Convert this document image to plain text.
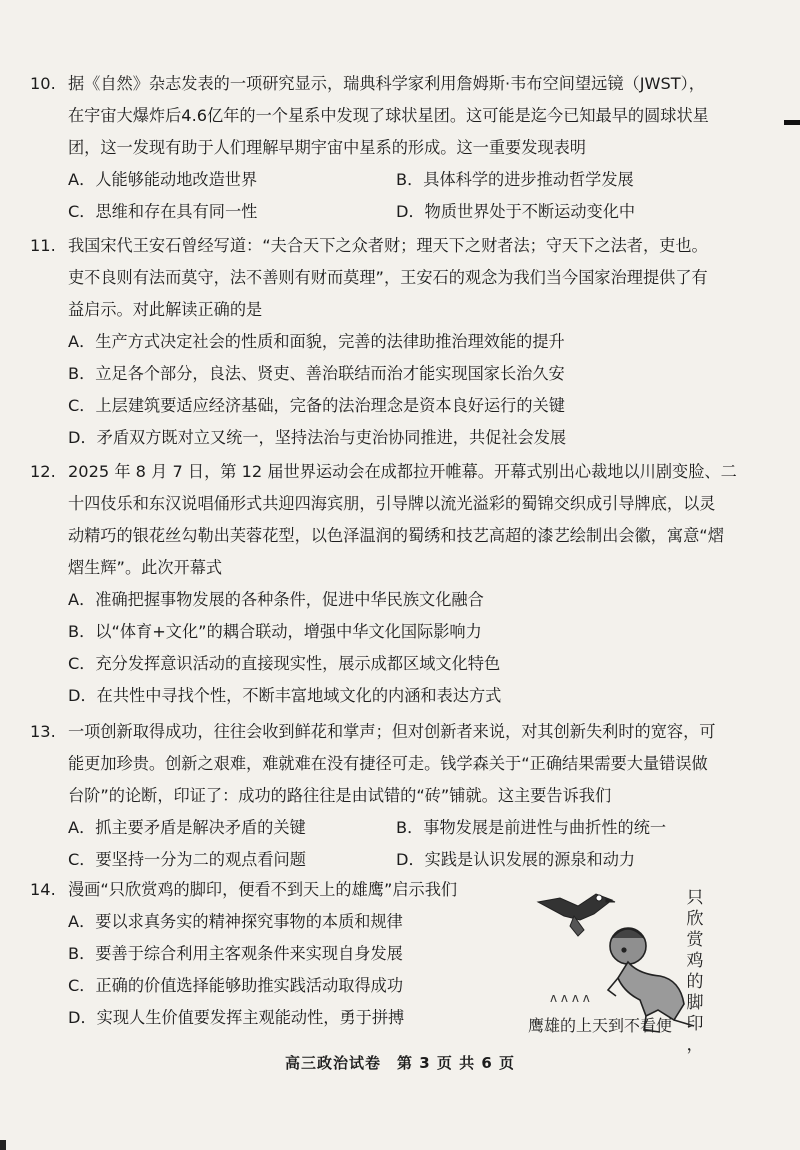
10. 据《自然》杂志发表的一项研究显示，瑞典科学家利用詹姆斯·韦布空间望远镜（JWST），
在宇宙大爆炸后4.6亿年的一个星系中发现了球状星团。这可能是迄今已知最早的圆球状星
团，这一发现有助于人们理解早期宇宙中星系的形成。这一重要发现表明
A．人能够能动地改造世界	B．具体科学的进步推动哲学发展
C．思维和存在具有同一性	D．物质世界处于不断运动变化中
11. 我国宋代王安石曾经写道：“夫合天下之众者财；理天下之财者法；守天下之法者，吏也。
吏不良则有法而莫守，法不善则有财而莫理”，王安石的观念为我们当今国家治理提供了有
益启示。对此解读正确的是
A．生产方式决定社会的性质和面貌，完善的法律助推治理效能的提升
B．立足各个部分，良法、贤吏、善治联结而治才能实现国家长治久安
C．上层建筑要适应经济基础，完备的法治理念是资本良好运行的关键
D．矛盾双方既对立又统一，坚持法治与吏治协同推进，共促社会发展
12. 2025 年 8 月 7 日，第 12 届世界运动会在成都拉开帷幕。开幕式别出心裁地以川剧变脸、二
十四伎乐和东汉说唱俑形式共迎四海宾朋，引导牌以流光溢彩的蜀锦交织成引导牌底，以灵
动精巧的银花丝勾勒出芙蓉花型，以色泽温润的蜀绣和技艺高超的漆艺绘制出会徽，寓意“熠
熠生辉”。此次开幕式
A．准确把握事物发展的各种条件，促进中华民族文化融合
B．以“体育+文化”的耦合联动，增强中华文化国际影响力
C．充分发挥意识活动的直接现实性，展示成都区域文化特色
D．在共性中寻找个性，不断丰富地域文化的内涵和表达方式
13. 一项创新取得成功，往往会收到鲜花和掌声；但对创新者来说，对其创新失利时的宽容，可
能更加珍贵。创新之艰难，难就难在没有捷径可走。钱学森关于“正确结果需要大量错误做
台阶”的论断，印证了：成功的路往往是由试错的“砖”铺就。这主要告诉我们
A．抓主要矛盾是解决矛盾的关键	B．事物发展是前进性与曲折性的统一
C．要坚持一分为二的观点看问题	D．实践是认识发展的源泉和动力
14. 漫画“只欣赏鸡的脚印，便看不到天上的雄鹰”启示我们
A．要以求真务实的精神探究事物的本质和规律
B．要善于综合利用主客观条件来实现自身发展
C．正确的价值选择能够助推实践活动取得成功
D．实现人生价值要发挥主观能动性，勇于拼搏
ᴧ ᴧ ᴧ ᴧ
只
欣
赏
鸡
的
脚
印
，
鹰雄的上天到不看便
高三政治试卷　第 3 页 共 6 页
